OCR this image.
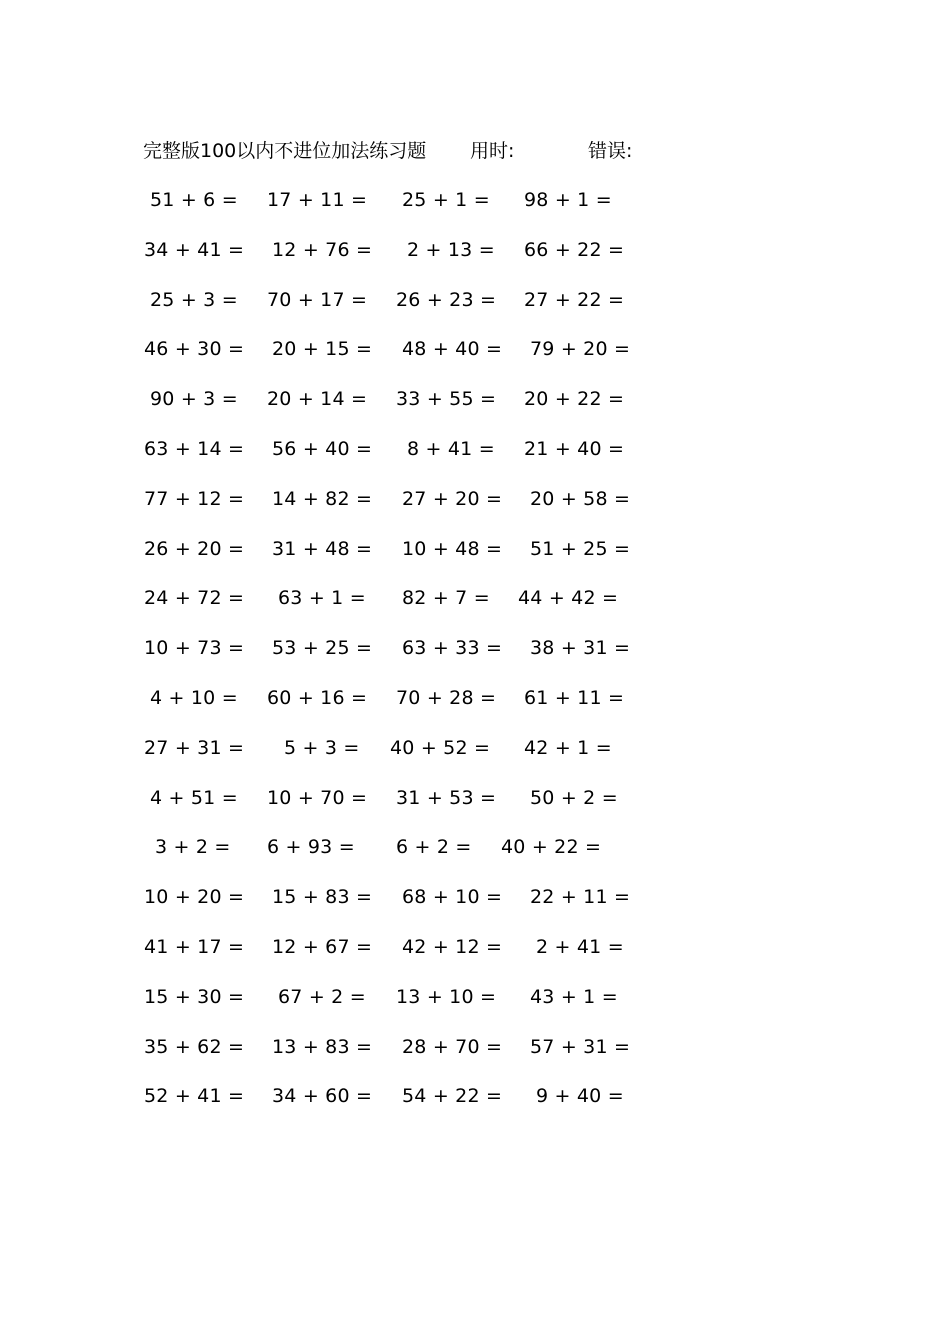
完整版100以内不进位加法练习题 用时:	错误:
51 + 6 = 17 + 11 = 25 + 1 = 98 + 1 =
34 + 41 = 12 + 76 = 2 + 13 = 66 + 22 =
25 + 3 = 70 + 17 = 26 + 23 = 27 + 22 =
46 + 30 = 20 + 15 = 48 + 40 = 79 + 20 =
90 + 3 = 20 + 14 = 33 + 55 = 20 + 22 =
63 + 14 = 56 + 40 = 8 + 41 = 21 + 40 =
77 + 12 = 14 + 82 = 27 + 20 = 20 + 58 =
26 + 20 = 31 + 48 = 10 + 48 = 51 + 25 =
24 + 72 = 63 + 1 = 82 + 7 = 44 + 42 =
10 + 73 = 53 + 25 = 63 + 33 = 38 + 31 =
4 + 10 = 60 + 16 = 70 + 28 = 61 + 11 =
27 + 31 = 5 + 3 = 40 + 52 = 42 + 1 =
4 + 51 = 10 + 70 = 31 + 53 = 50 + 2 =
3 + 2 = 6 + 93 = 6 + 2 = 40 + 22 =
10 + 20 = 15 + 83 = 68 + 10 = 22 + 11 =
41 + 17 = 12 + 67 = 42 + 12 = 2 + 41 =
15 + 30 = 67 + 2 = 13 + 10 = 43 + 1 =
35 + 62 = 13 + 83 = 28 + 70 = 57 + 31 =
52 + 41 = 34 + 60 = 54 + 22 = 9 + 40 =
